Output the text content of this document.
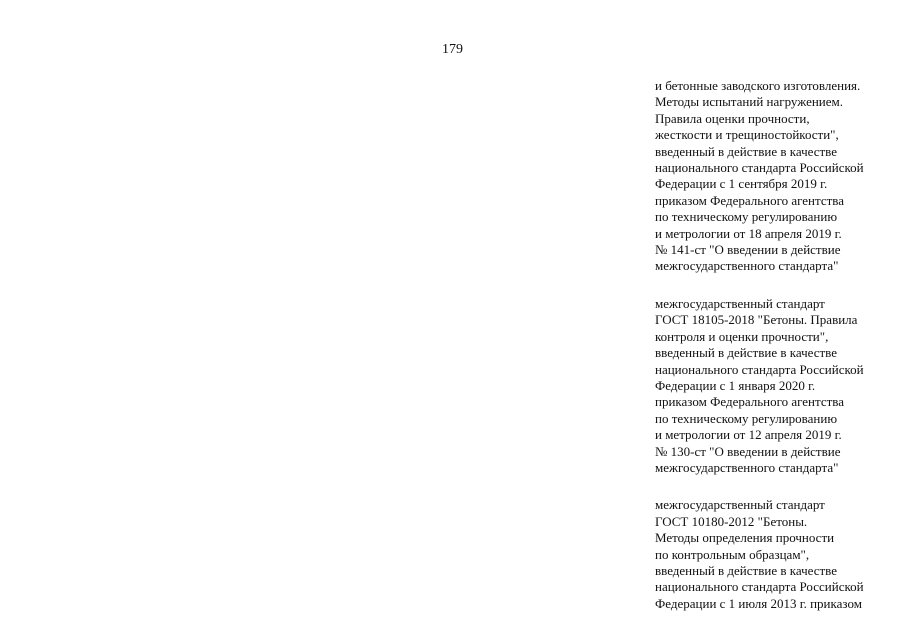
179

и бетонные заводского изготовления.
Методы испытаний нагружением.
Правила оценки прочности,
жесткости и трещиностойкости",
введенный в действие в качестве
национального стандарта Российской
Федерации с 1 сентября 2019 г.
приказом Федерального агентства
по техническому регулированию
и метрологии от 18 апреля 2019 г.
№ 141-ст "О введении в действие
межгосударственного стандарта"

межгосударственный стандарт
ГОСТ 18105-2018 "Бетоны. Правила
контроля и оценки прочности",
введенный в действие в качестве
национального стандарта Российской
Федерации с 1 января 2020 г.
приказом Федерального агентства
по техническому регулированию
и метрологии от 12 апреля 2019 г.
№ 130-ст "О введении в действие
межгосударственного стандарта"

межгосударственный стандарт
ГОСТ 10180-2012 "Бетоны.
Методы определения прочности
по контрольным образцам",
введенный в действие в качестве
национального стандарта Российской
Федерации с 1 июля 2013 г. приказом
